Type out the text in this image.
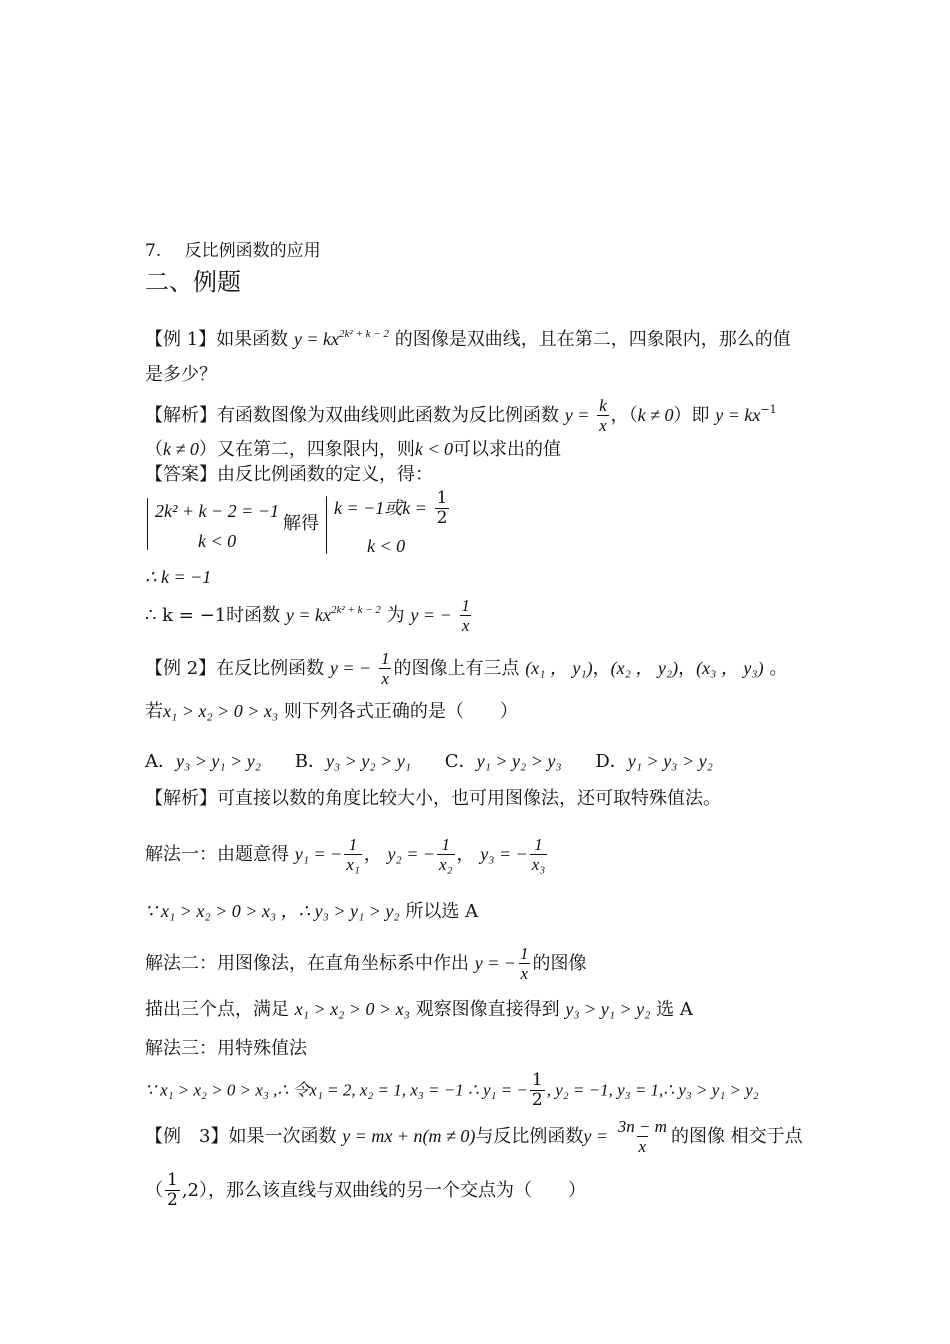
7. 反比例函数的应用
二、例题
【例 1】如果函数 $y = kx^{2k^2 + k - 2}$ 的图像是双曲线，且在第二，四象限内，那么的值
是多少？
【解析】有函数图像为双曲线则此函数为反比例函数 $y = \frac{k}{x}$ ，（k ≠ 0）即 $y = kx^{-1}$
（k ≠ 0）又在第二，四象限内，则k < 0可以求出的值
【答案】由反比例函数的定义，得：
2k² + k − 2 = −1
k < 0
解得
k = −1或$k = \frac{1}{2}$
k < 0
∴ k = −1
∴ k = −1时函数 $y = kx^{2k^2 + k - 2}$ 为 y = − $\frac{1}{x}$
【例 2】在反比例函数 y = − $\frac{1}{x}$ 的图像上有三点 (x₁ ， y₁)，(x₂ ， y₂)，(x₃ ， y₃) 。
若x₁ > x₂ > 0 > x₃ 则下列各式正确的是（　　）
A．y₃ > y₁ > y₂ B．y₃ > y₂ > y₁ C．y₁ > y₂ > y₃ D．y₁ > y₃ > y₂
【解析】可直接以数的角度比较大小，也可用图像法，还可取特殊值法。
解法一：由题意得 y₁ = − $\frac{1}{\text{x₁}}$ ， y₂ = − $\frac{1}{\text{x₂}}$ ， y₃ = − $\frac{1}{\text{x₃}}$
∵ x₁ > x₂ > 0 > x₃ ，∴ y₃ > y₁ > y₂ 所以选 A
解法二：用图像法，在直角坐标系中作出 y = − $\frac{1}{x}$ 的图像
描出三个点，满足 x₁ > x₂ > 0 > x₃ 观察图像直接得到 y₃ > y₁ > y₂ 选 A
解法三：用特殊值法
∵ x₁ > x₂ > 0 > x₃ ,∴ 令x₁ = 2, x₂ = 1, x₃ = −1 ∴ y₁ = − $\frac{1}{2}$ , y₂ = −1, y₃ = 1,∴ y₃ > y₁ > y₂
【例　3】如果一次函数 y = mx + n(m ≠ 0)与反比例函数$y = \frac{3n - m}{x}$ 的图像 相交于点
（ $\frac{1}{2} ,2$），那么该直线与双曲线的另一个交点为（　　）
